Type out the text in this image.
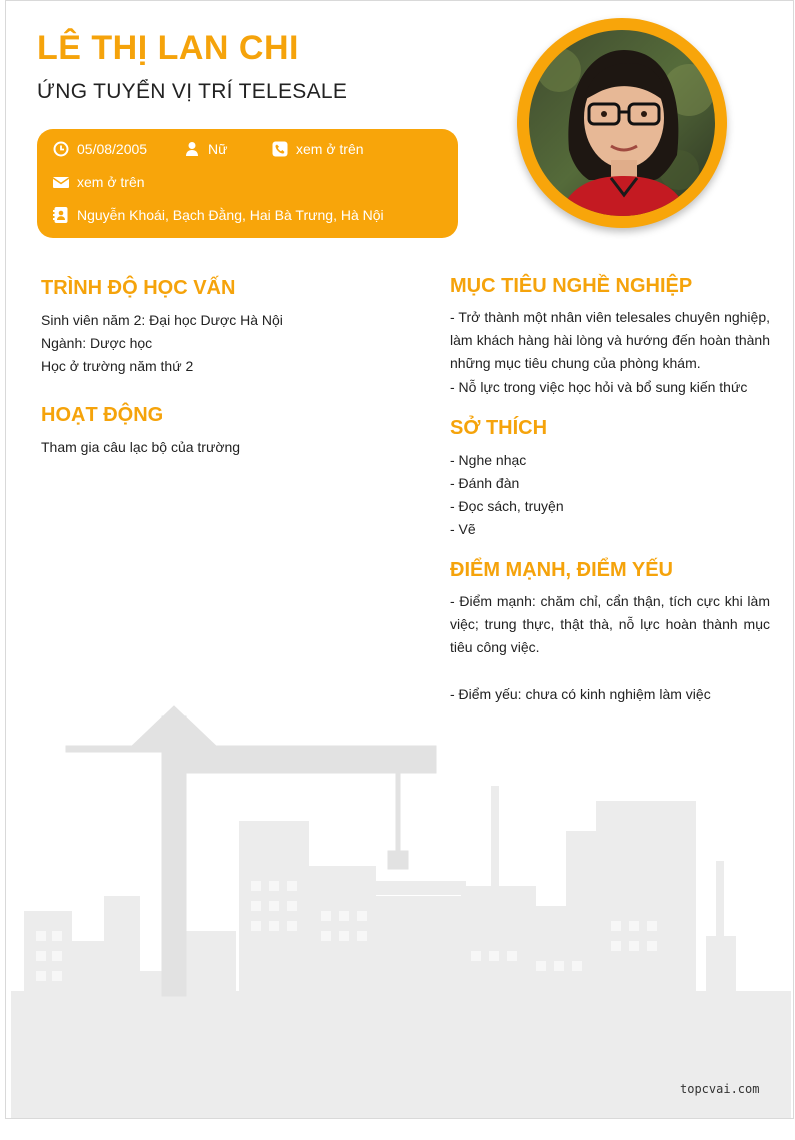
topcvai.com
LÊ THỊ LAN CHI
ỨNG TUYỂN VỊ TRÍ TELESALE
05/08/2005	Nữ	xem ở trên
xem ở trên
Nguyễn Khoái, Bạch Đằng, Hai Bà Trưng, Hà Nội
TRÌNH ĐỘ HỌC VẤN
Sinh viên năm 2: Đại học Dược Hà Nội
Ngành: Dược học
Học ở trường năm thứ 2
HOẠT ĐỘNG
Tham gia câu lạc bộ của trường
MỤC TIÊU NGHỀ NGHIỆP
- Trở thành một nhân viên telesales chuyên nghiệp, làm khách hàng hài lòng và hướng đến hoàn thành những mục tiêu chung của phòng khám.
- Nỗ lực trong việc học hỏi và bổ sung kiến thức
SỞ THÍCH
- Nghe nhạc
- Đánh đàn
- Đọc sách, truyện
- Vẽ
ĐIỂM MẠNH, ĐIỂM YẾU
- Điểm mạnh: chăm chỉ, cẩn thận, tích cực khi làm việc; trung thực, thật thà, nỗ lực hoàn thành mục tiêu công việc.
- Điểm yếu: chưa có kinh nghiệm làm việc
